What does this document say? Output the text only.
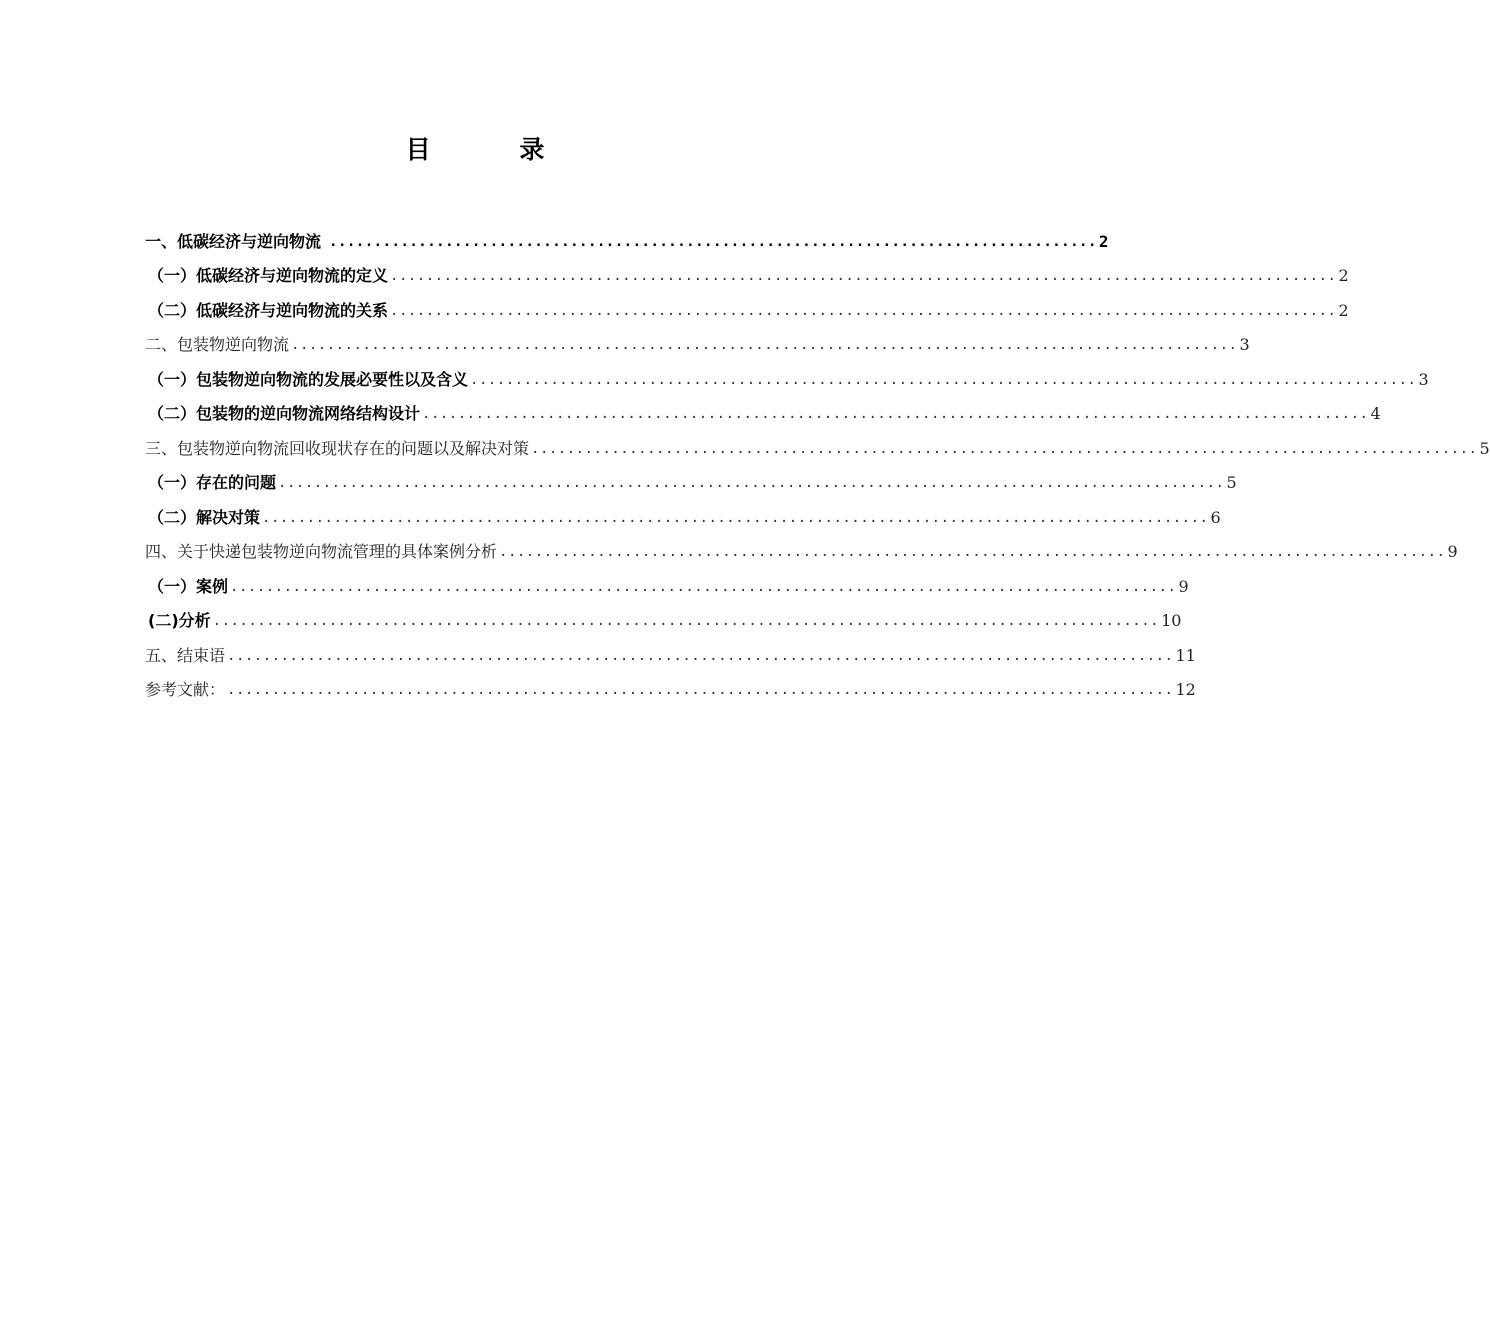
目 录
一、低碳经济与逆向物流 ...................................................................................... 2
（一）低碳经济与逆向物流的定义 .......................................................................................................... 2
（二）低碳经济与逆向物流的关系 .......................................................................................................... 2
二、包装物逆向物流 .......................................................................................................... 3
（一）包装物逆向物流的发展必要性以及含义 .......................................................................................................... 3
（二）包装物的逆向物流网络结构设计 .......................................................................................................... 4
三、包装物逆向物流回收现状存在的问题以及解决对策 .......................................................................................................... 5
（一）存在的问题 .......................................................................................................... 5
（二）解决对策 .......................................................................................................... 6
四、关于快递包装物逆向物流管理的具体案例分析 .......................................................................................................... 9
（一）案例 .......................................................................................................... 9
(二)分析 .......................................................................................................... 10
五、结束语 .......................................................................................................... 11
参考文献： .......................................................................................................... 12
